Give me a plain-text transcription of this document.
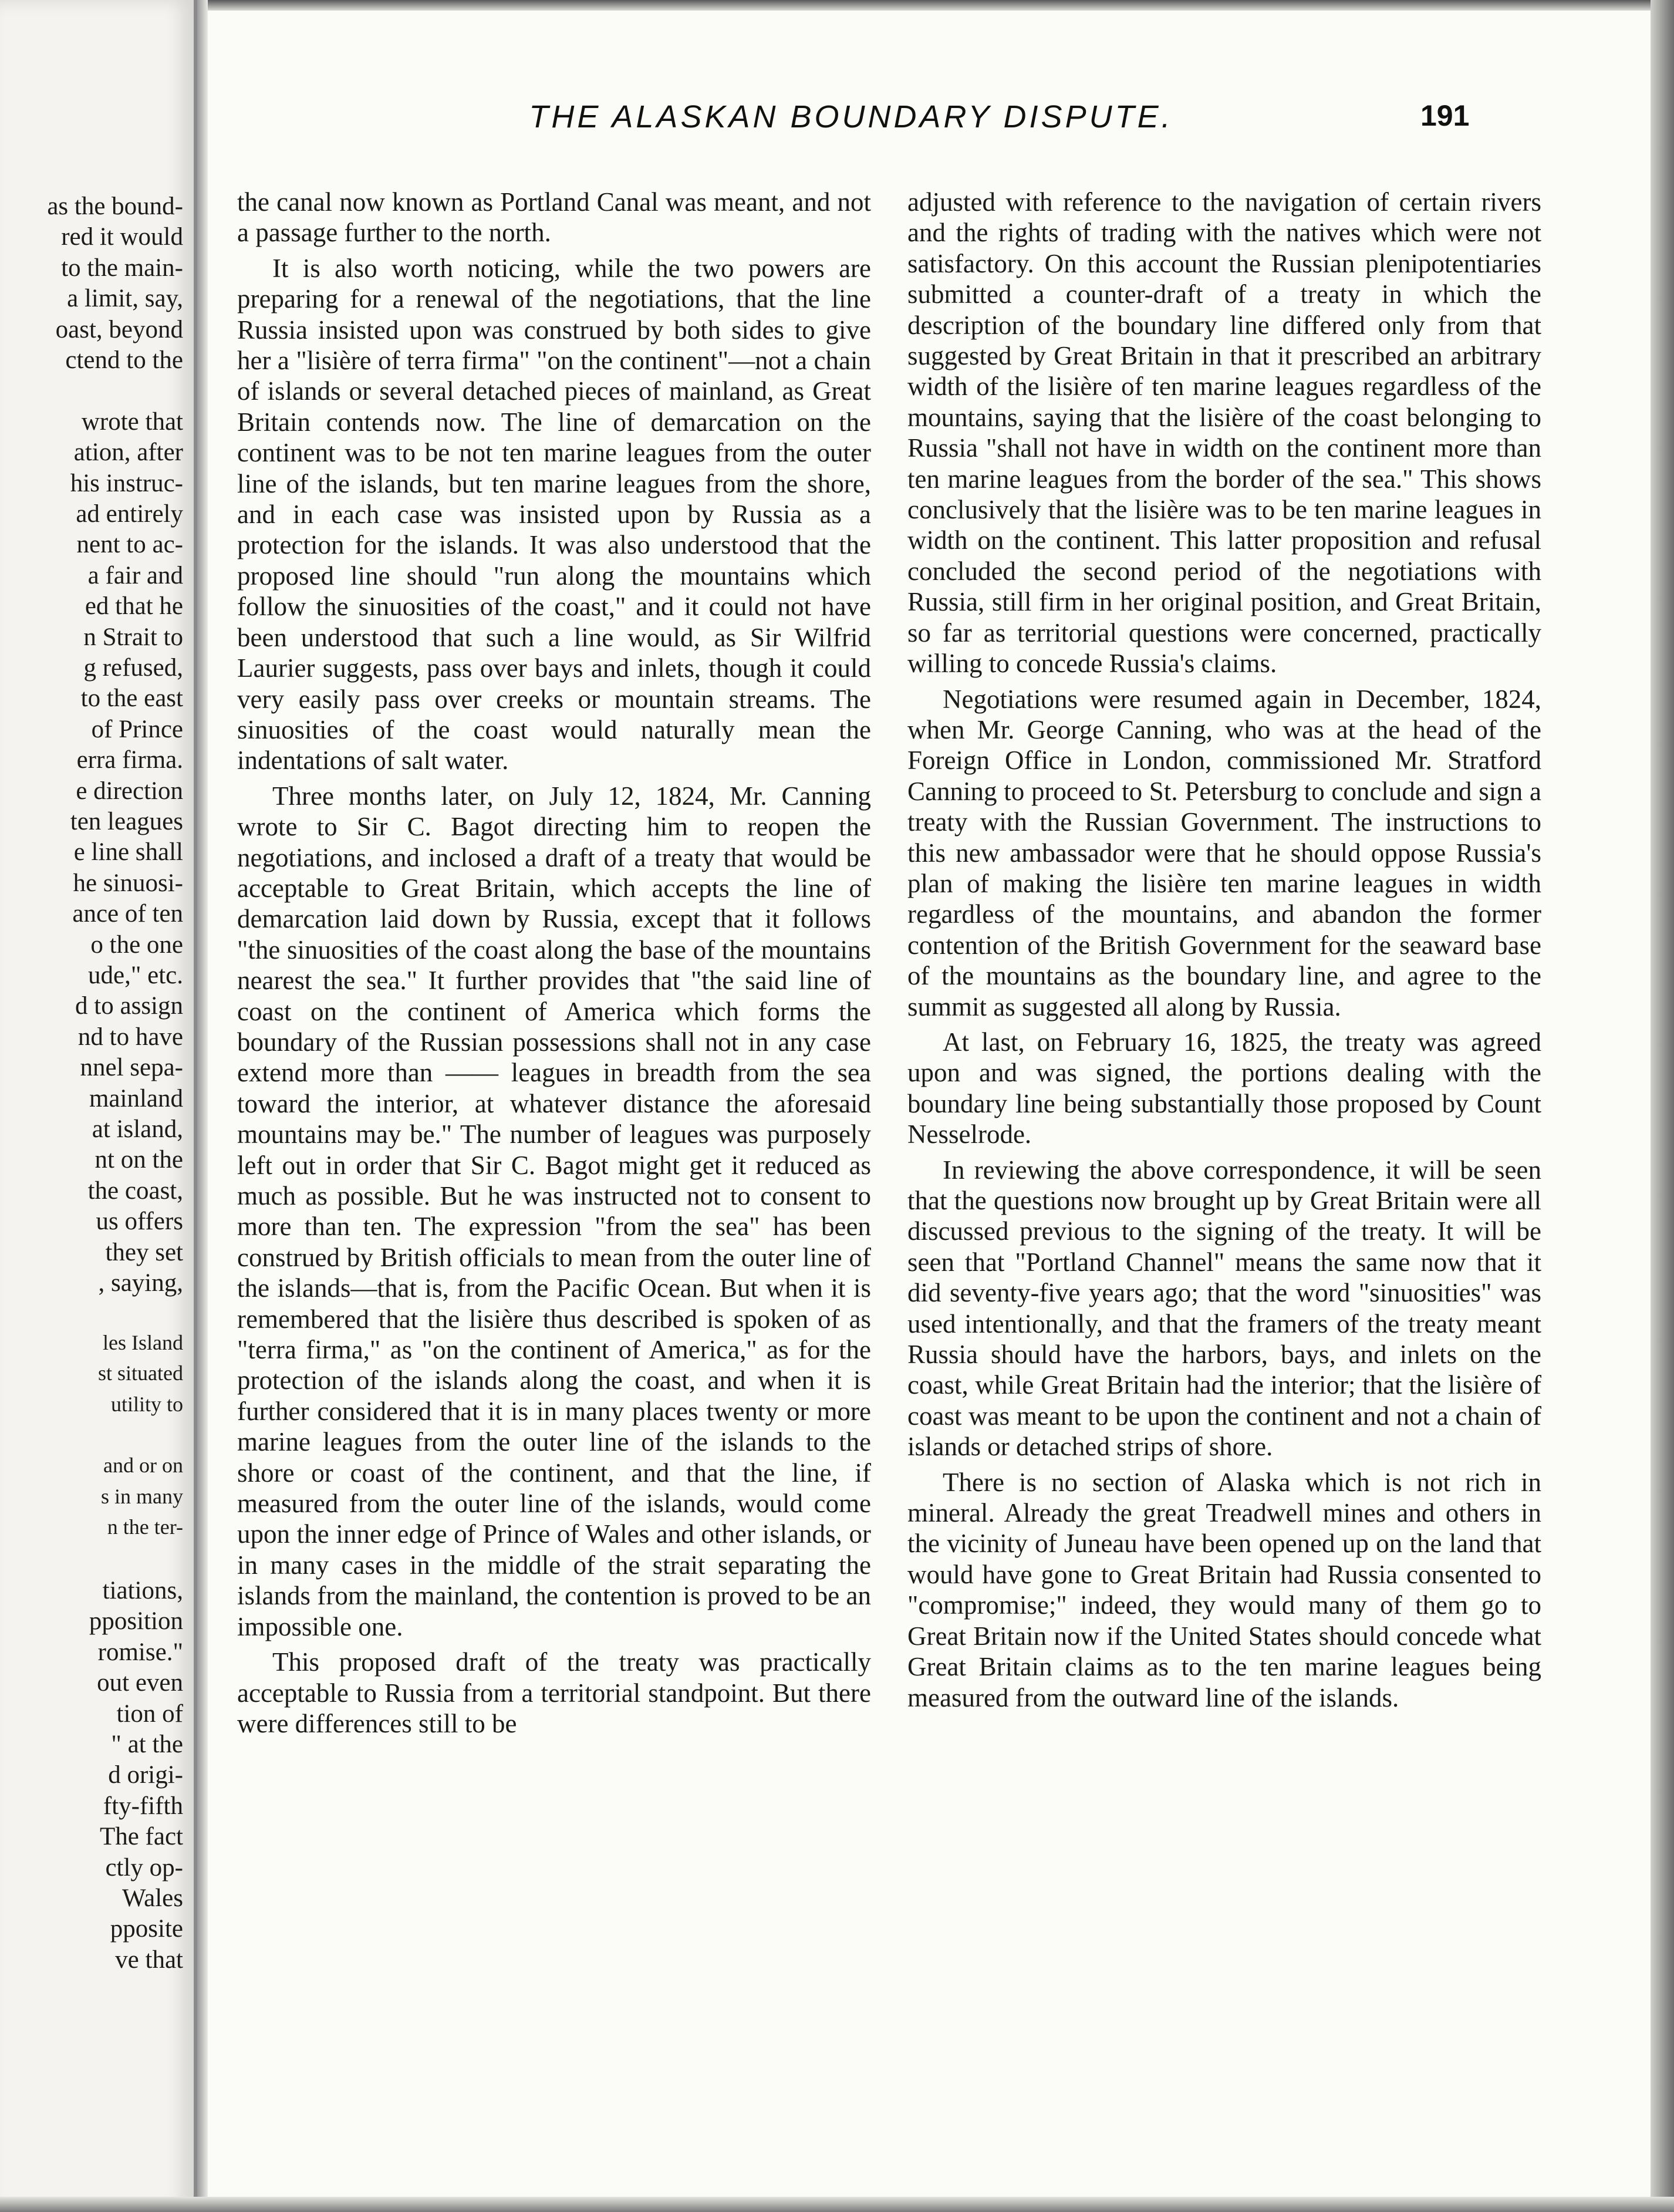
as the bound-
red it would
to the main-
a limit, say,
oast, beyond
ctend to the
wrote that
ation, after
his instruc-
ad entirely
nent to ac-
a fair and
ed that he
n Strait to
g refused,
to the east
of Prince
erra firma.
e direction
ten leagues
e line shall
he sinuosi-
ance of ten
o the one
ude," etc.
d to assign
nd to have
nnel sepa-
mainland
at island,
nt on the
the coast,
us offers
they set
, saying,
les Island
st situated
utility to
and or on
s in many
n the ter-
tiations,
pposition
romise."
out even
tion of
" at the
d origi-
fty-fifth
The fact
ctly op-
Wales
pposite
ve that
THE ALASKAN BOUNDARY DISPUTE.	191

the canal now known as Portland Canal was meant, and not a passage further to the north.

It is also worth noticing, while the two powers are preparing for a renewal of the negotiations, that the line Russia insisted upon was construed by both sides to give her a "lisière of terra firma" "on the continent"—not a chain of islands or several detached pieces of mainland, as Great Britain contends now. The line of demarcation on the continent was to be not ten marine leagues from the outer line of the islands, but ten marine leagues from the shore, and in each case was insisted upon by Russia as a protection for the islands. It was also understood that the proposed line should "run along the mountains which follow the sinuosities of the coast," and it could not have been understood that such a line would, as Sir Wilfrid Laurier suggests, pass over bays and inlets, though it could very easily pass over creeks or mountain streams. The sinuosities of the coast would naturally mean the indentations of salt water.

Three months later, on July 12, 1824, Mr. Canning wrote to Sir C. Bagot directing him to reopen the negotiations, and inclosed a draft of a treaty that would be acceptable to Great Britain, which accepts the line of demarcation laid down by Russia, except that it follows "the sinuosities of the coast along the base of the mountains nearest the sea." It further provides that "the said line of coast on the continent of America which forms the boundary of the Russian possessions shall not in any case extend more than —— leagues in breadth from the sea toward the interior, at whatever distance the aforesaid mountains may be." The number of leagues was purposely left out in order that Sir C. Bagot might get it reduced as much as possible. But he was instructed not to consent to more than ten. The expression "from the sea" has been construed by British officials to mean from the outer line of the islands—that is, from the Pacific Ocean. But when it is remembered that the lisière thus described is spoken of as "terra firma," as "on the continent of America," as for the protection of the islands along the coast, and when it is further considered that it is in many places twenty or more marine leagues from the outer line of the islands to the shore or coast of the continent, and that the line, if measured from the outer line of the islands, would come upon the inner edge of Prince of Wales and other islands, or in many cases in the middle of the strait separating the islands from the mainland, the contention is proved to be an impossible one.

This proposed draft of the treaty was practically acceptable to Russia from a territorial standpoint. But there were differences still to be

adjusted with reference to the navigation of certain rivers and the rights of trading with the natives which were not satisfactory. On this account the Russian plenipotentiaries submitted a counter-draft of a treaty in which the description of the boundary line differed only from that suggested by Great Britain in that it prescribed an arbitrary width of the lisière of ten marine leagues regardless of the mountains, saying that the lisière of the coast belonging to Russia "shall not have in width on the continent more than ten marine leagues from the border of the sea." This shows conclusively that the lisière was to be ten marine leagues in width on the continent. This latter proposition and refusal concluded the second period of the negotiations with Russia, still firm in her original position, and Great Britain, so far as territorial questions were concerned, practically willing to concede Russia's claims.

Negotiations were resumed again in December, 1824, when Mr. George Canning, who was at the head of the Foreign Office in London, commissioned Mr. Stratford Canning to proceed to St. Petersburg to conclude and sign a treaty with the Russian Government. The instructions to this new ambassador were that he should oppose Russia's plan of making the lisière ten marine leagues in width regardless of the mountains, and abandon the former contention of the British Government for the seaward base of the mountains as the boundary line, and agree to the summit as suggested all along by Russia.

At last, on February 16, 1825, the treaty was agreed upon and was signed, the portions dealing with the boundary line being substantially those proposed by Count Nesselrode.

In reviewing the above correspondence, it will be seen that the questions now brought up by Great Britain were all discussed previous to the signing of the treaty. It will be seen that "Portland Channel" means the same now that it did seventy-five years ago; that the word "sinuosities" was used intentionally, and that the framers of the treaty meant Russia should have the harbors, bays, and inlets on the coast, while Great Britain had the interior; that the lisière of coast was meant to be upon the continent and not a chain of islands or detached strips of shore.

There is no section of Alaska which is not rich in mineral. Already the great Treadwell mines and others in the vicinity of Juneau have been opened up on the land that would have gone to Great Britain had Russia consented to "compromise;" indeed, they would many of them go to Great Britain now if the United States should concede what Great Britain claims as to the ten marine leagues being measured from the outward line of the islands.
